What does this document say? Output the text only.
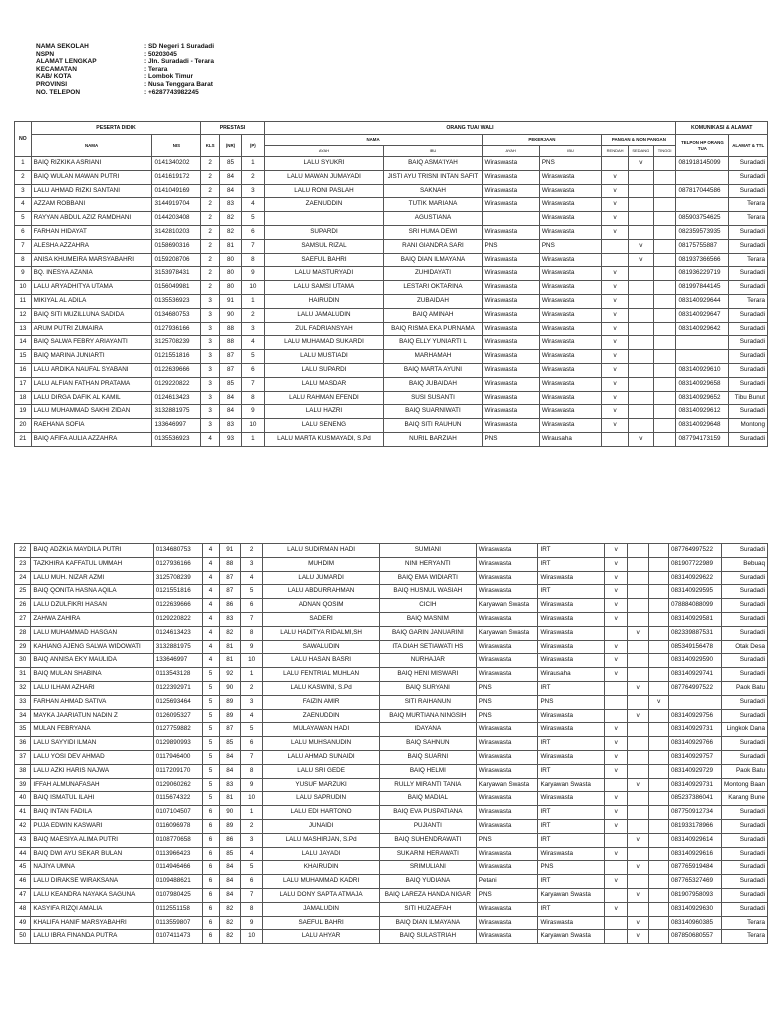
NAMA SEKOLAH	: SD Negeri 1 Suradadi
NSPN	: 50203045
ALAMAT LENGKAP	: Jln. Suradadi - Terara
KECAMATAN	: Terara
KAB/ KOTA	: Lombok Timur
PROVINSI	: Nusa Tenggara Barat
NO. TELEPON	: +6287743982245
NO	PESERTA DIDIK		PRESTASI			ORANG TUA/ WALI							KOMUNIKASI & ALAMAT	
	NAMA	NIS	KLS	(NR)	(P)	NAMA		PEKERJAAN		PANGAN & NON PANGAN			TELPON HP ORANG TUA	ALAMAT & TTL
						AYAH	IBU	AYAH	IBU	RENDAH	SEDANG	TINGGI		
1	BAIQ RIZKIKA ASRIANI	0141340202	2	85	1	LALU SYUKRI	BAIQ ASMA'IYAH	Wiraswasta	PNS		v		081918145099	Suradadi
2	BAIQ WULAN MAWAN PUTRI	0141619172	2	84	2	LALU MAWAN JUMAYADI	JISTI AYU TRISNI INTAN SAFIT	Wiraswasta	Wiraswasta	v				Suradadi
3	LALU AHMAD RIZKI SANTANI	0141049169	2	84	3	LALU RONI PASLAH	SAKNAH	Wiraswasta	Wiraswasta	v			087817044586	Suradadi
4	AZZAM ROBBANI	3144919704	2	83	4	ZAENUDDIN	TUTIK MARIANA	Wiraswasta	Wiraswasta	v				Terara
5	RAYYAN ABDUL AZIZ RAMDHANI	0144203408	2	82	5		AGUSTIANA		Wiraswasta	v			085903754625	Terara
6	FARHAN HIDAYAT	3142810203	2	82	6	SUPARDI	SRI HUMA DEWI	Wiraswasta	Wiraswasta	v			082359573935	Suradadi
7	ALESHA AZZAHRA	0158690316	2	81	7	SAMSUL RIZAL	RANI GIANDRA SARI	PNS	PNS		v		08175755887	Suradadi
8	ANISA KHUMEIRA MARSYABAHRI	0159208706	2	80	8	SAEFUL BAHRI	BAIQ DIAN ILMAYANA	Wiraswasta	Wiraswasta		v		081937366566	Terara
9	BQ. INESYA AZANIA	3153978431	2	80	9	LALU MASTURYADI	ZUHIDAYATI	Wiraswasta	Wiraswasta	v			081936229719	Suradadi
10	LALU ARYADHITYA UTAMA	0156049981	2	80	10	LALU SAMSI UTAMA	LESTARI OKTARINA	Wiraswasta	Wiraswasta	v			081997844145	Suradadi
11	MIKIYAL AL ADILA	0135536923	3	91	1	HAIRUDIN	ZUBAIDAH	Wiraswasta	Wiraswasta	v			083140929644	Terara
12	BAIQ SITI MUZILLUNA SADIDA	0134680753	3	90	2	LALU JAMALUDIN	BAIQ AMINAH	Wiraswasta	Wiraswasta	v			083140929647	Suradadi
13	ARUM PUTRI ZUMAIRA	0127936166	3	88	3	ZUL FADRIANSYAH	BAIQ RISMA EKA PURNAMA	Wiraswasta	Wiraswasta	v			083140929642	Suradadi
14	BAIQ SALWA FEBRY ARIAYANTI	3125708239	3	88	4	LALU MUHAMAD SUKARDI	BAIQ ELLY YUNIARTI L	Wiraswasta	Wiraswasta	v				Suradadi
15	BAIQ MARINA JUNIARTI	0121551816	3	87	5	LALU MUSTIADI	MARHAMAH	Wiraswasta	Wiraswasta	v				Suradadi
16	LALU ARDIKA NAUFAL SYABANI	0122639666	3	87	6	LALU SUPARDI	BAIQ MARTA AYUNI	Wiraswasta	Wiraswasta	v			083140929610	Suradadi
17	LALU ALFIAN FATHAN PRATAMA	0129220822	3	85	7	LALU MASDAR	BAIQ JUBAIDAH	Wiraswasta	Wiraswasta	v			083140929658	Suradadi
18	LALU DIRGA DAFIK AL KAMIL	0124613423	3	84	8	LALU RAHMAN EFENDI	SUSI SUSANTI	Wiraswasta	Wiraswasta	v			083140929652	Tibu Bunut
19	LALU MUHAMMAD SAKHI ZIDAN	3132881975	3	84	9	LALU HAZRI	BAIQ SUARNIWATI	Wiraswasta	Wiraswasta	v			083140929612	Suradadi
20	RAEHANA SOFIA	133646997	3	83	10	LALU SENENG	BAIQ SITI RAUHUN	Wiraswasta	Wiraswasta	v			083140929648	Montong
21	BAIQ AFIFA AULIA AZZAHRA	0135536923	4	93	1	LALU MARTA KUSMAYADI, S.Pd	NURIL BARZIAH	PNS	Wirausaha		v		087794173159	Suradadi
22	BAIQ ADZKIA MAYDILA PUTRI	0134680753	4	91	2	LALU SUDIRMAN HADI	SUMIANI	Wiraswasta	IRT	v			087764997522	Suradadi
23	TAZKHIRA KAFFATUL UMMAH	0127936166	4	88	3	MUHDIM	NINI HERYANTI	Wiraswasta	IRT	v			081907722989	Bebuaq
24	LALU MUH. NIZAR AZMI	3125708239	4	87	4	LALU JUMARDI	BAIQ EMA WIDIARTI	Wiraswasta	Wiraswasta	v			083140929622	Suradadi
25	BAIQ QONITA HASNA AQILA	0121551816	4	87	5	LALU ABDURRAHMAN	BAIQ HUSNUL WASIAH	Wiraswasta	IRT	v			083140929595	Suradadi
26	LALU DZULFIKRI HASAN	0122639666	4	86	6	ADNAN QOSIM	CICIH	Karyawan Swasta	Wiraswasta	v			078884088099	Suradadi
27	ZAHWA ZAHIRA	0129220822	4	83	7	SADERI	BAIQ MASNIM	Wiraswasta	Wiraswasta	v			083140929581	Suradadi
28	LALU MUHAMMAD HASGAN	0124613423	4	82	8	LALU HADITYA RIDALMI,SH	BAIQ GARIN JANUARINI	Karyawan Swasta	Wiraswasta		v		082339887531	Suradadi
29	KAHIANG AJENG SALWA WIDOWATI	3132881975	4	81	9	SAWALUDIN	ITA DIAH SETIAWATI HS	Wiraswasta	Wiraswasta	v			085349156478	Otak Desa
30	BAIQ ANNISA EKY MAULIDA	133646997	4	81	10	LALU HASAN BASRI	NURHAJAR	Wiraswasta	Wiraswasta	v			083140929590	Suradadi
31	BAIQ MULAN SHABINA	0113543128	5	92	1	LALU FENTRIAL MUHLAN	BAIQ HENI MISWARI	Wiraswasta	Wirausaha	v			083140929741	Suradadi
32	LALU ILHAM AZHARI	0122392971	5	90	2	LALU KASWINI, S.Pd	BAIQ SURYANI	PNS	IRT		v		087764997522	Paok Batu
33	FARHAN AHMAD SATIVA	0125693464	5	89	3	FAIZIN AMIR	SITI RAIHANUN	PNS	PNS			v		Suradadi
34	MAYKA JAARIATUN NADIN Z	0126095327	5	89	4	ZAENUDDIN	BAIQ MURTIANA NINGSIH	PNS	Wiraswasta		v		083140929756	Suradadi
35	MULAN FEBRYANA	0127759882	5	87	5	MULAYAWAN HADI	IDAYANA	Wiraswasta	Wiraswasta	v			083140929731	Lingkok Dana
36	LALU SAYYIDI ILMAN	0129890993	5	85	6	LALU MUHSANUDIN	BAIQ SAHNUN	Wiraswasta	IRT	v			083140929766	Suradadi
37	LALU YOSI DEV AHMAD	0117946400	5	84	7	LALU AHMAD SUNAIDI	BAIQ SUARNI	Wiraswasta	Wiraswasta	v			083140929757	Suradadi
38	LALU AZKI HARIS NAJWA	0117209170	5	84	8	LALU SRI GEDE	BAIQ HELMI	Wiraswasta	IRT	v			083140929729	Paok Batu
39	IFFAH ALMUNAFASAH	0129060262	5	83	9	YUSUF MARZUKI	RULLY MIRANTI TANIA	Karyawan Swasta	Karyawan Swasta		v		083140929731	Montong Baan
40	BAIQ ISMATUL ILAHI	0115674322	5	81	10	LALU SAPRUDIN	BAIQ MADIAL	Wiraswasta	Wiraswasta	v			085237386041	Karang Bune
41	BAIQ INTAN FADILA	0107104507	6	90	1	LALU EDI HARTONO	BAIQ EVA PUSPATIANA	Wiraswasta	IRT	v			087750912734	Suradadi
42	PUJA EDWIN KASWARI	0116096978	6	89	2	JUNAIDI	PUJIANTI	Wiraswasta	IRT	v			081933178966	Suradadi
43	BAIQ MAESIYA ALIMA PUTRI	0108770658	6	86	3	LALU MASHIRJAN, S.Pd	BAIQ SUHENDRAWATI	PNS	IRT		v		083140929614	Suradadi
44	BAIQ DWI AYU SEKAR BULAN	0113966423	6	85	4	LALU JAYADI	SUKARNI HERAWATI	Wiraswasta	Wiraswasta	v			083140929616	Suradadi
45	NAJIYA UMNA	0114946466	6	84	5	KHAIRUDIN	SRIMULIANI	Wiraswasta	PNS		v		087765919484	Suradadi
46	LALU DIRAKSE WIRAKSANA	0109488621	6	84	6	LALU MUHAMMAD KADRI	BAIQ YUDIANA	Petani	IRT	v			087765327469	Suradadi
47	LALU KEANDRA NAYAKA SAGUNA	0107980425	6	84	7	LALU DONY SAPTA ATMAJA	BAIQ LAREZA HANDA NIGAR	PNS	Karyawan Swasta		v		081907958093	Suradadi
48	KASYIFA RIZQI AMALIA	0112551158	6	82	8	JAMALUDIN	SITI HUZAEFAH	Wiraswasta	IRT	v			083140929630	Suradadi
49	KHALIFA HANIF MARSYABAHRI	0113559807	6	82	9	SAEFUL BAHRI	BAIQ DIAN ILMAYANA	Wiraswasta	Wiraswasta		v		083140960385	Terara
50	LALU IBRA FINANDA PUTRA	0107411473	6	82	10	LALU AHYAR	BAIQ SULASTRIAH	Wiraswasta	Karyawan Swasta		v		087850680557	Terara
